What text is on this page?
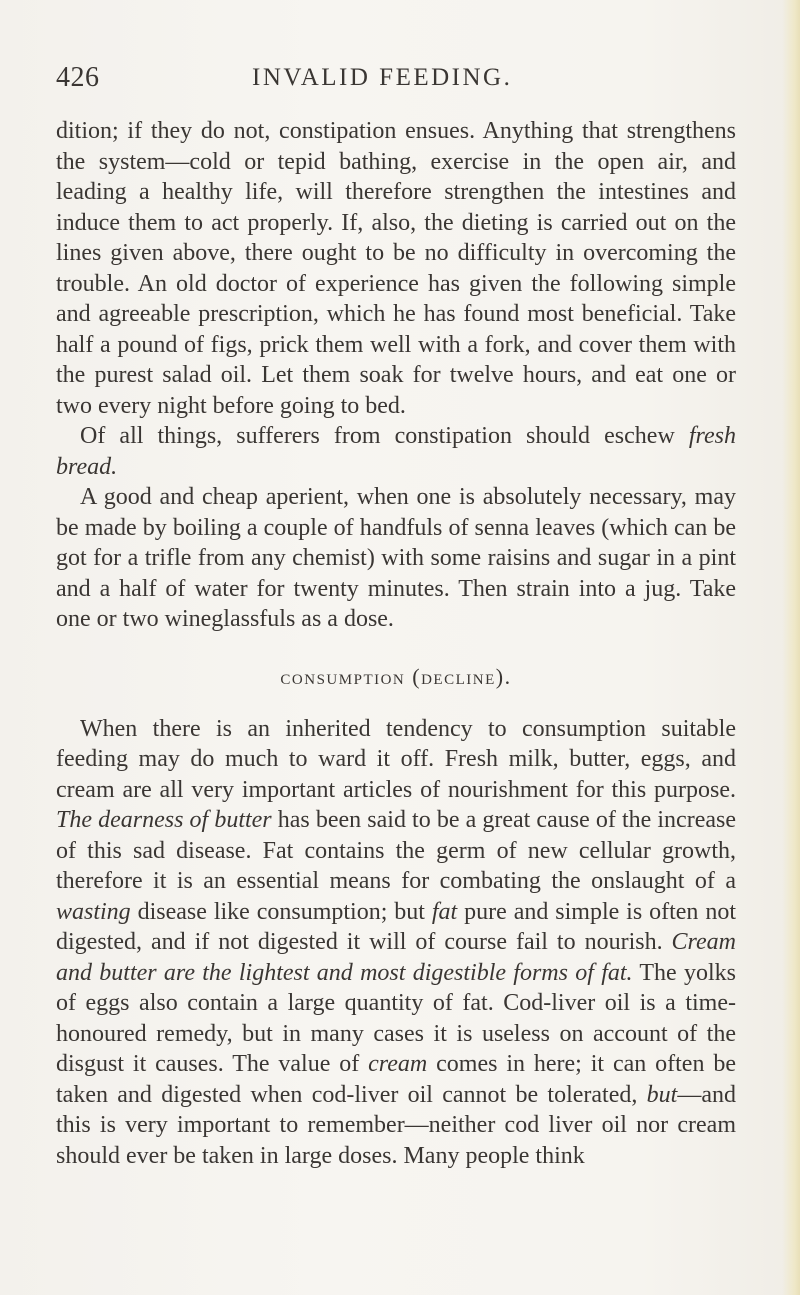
426	INVALID FEEDING.

dition; if they do not, constipation ensues. Anything that strengthens the system—cold or tepid bathing, exercise in the open air, and leading a healthy life, will therefore strengthen the intestines and induce them to act properly. If, also, the dieting is carried out on the lines given above, there ought to be no difficulty in overcoming the trouble. An old doctor of experience has given the following simple and agreeable prescription, which he has found most beneficial. Take half a pound of figs, prick them well with a fork, and cover them with the purest salad oil. Let them soak for twelve hours, and eat one or two every night before going to bed.

Of all things, sufferers from constipation should eschew fresh bread.

A good and cheap aperient, when one is absolutely necessary, may be made by boiling a couple of handfuls of senna leaves (which can be got for a trifle from any chemist) with some raisins and sugar in a pint and a half of water for twenty minutes. Then strain into a jug. Take one or two wineglassfuls as a dose.

consumption (decline).

When there is an inherited tendency to consumption suitable feeding may do much to ward it off. Fresh milk, butter, eggs, and cream are all very important articles of nourishment for this purpose. The dearness of butter has been said to be a great cause of the increase of this sad disease. Fat contains the germ of new cellular growth, therefore it is an essential means for combating the onslaught of a wasting disease like consumption; but fat pure and simple is often not digested, and if not digested it will of course fail to nourish. Cream and butter are the lightest and most digestible forms of fat. The yolks of eggs also contain a large quantity of fat. Cod-liver oil is a time-honoured remedy, but in many cases it is useless on account of the disgust it causes. The value of cream comes in here; it can often be taken and digested when cod-liver oil cannot be tolerated, but—and this is very important to remember—neither cod liver oil nor cream should ever be taken in large doses. Many people think
